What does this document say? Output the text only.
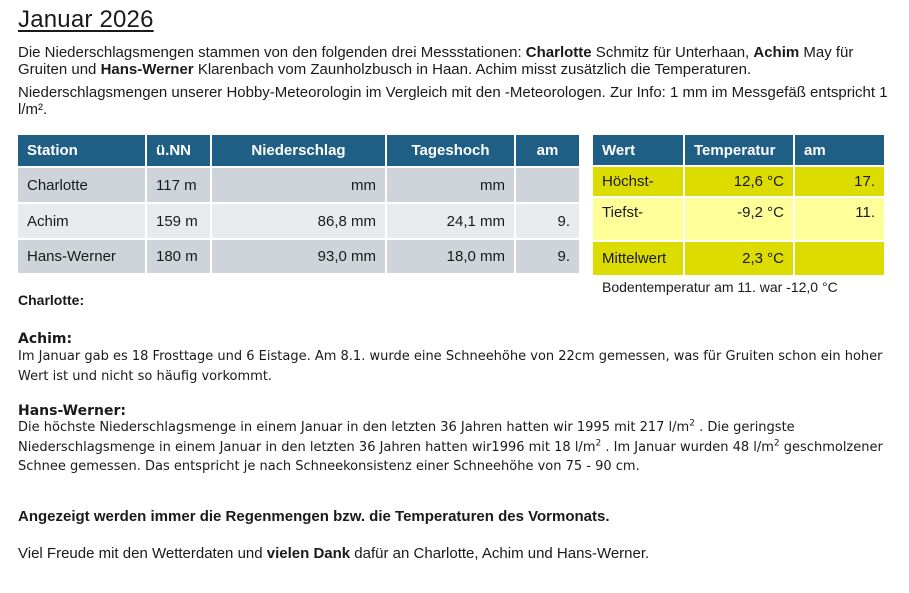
Januar 2026
Die Niederschlagsmengen stammen von den folgenden drei Messstationen: Charlotte Schmitz für Unterhaan, Achim May für Gruiten und Hans-Werner Klarenbach vom Zaunholzbusch in Haan. Achim misst zusätzlich die Temperaturen.
Niederschlagsmengen unserer Hobby-Meteorologin im Vergleich mit den -Meteorologen. Zur Info: 1 mm im Messgefäß entspricht 1 l/m².
Station	ü.NN	Niederschlag	Tageshoch	am
Charlotte	117 m	mm	mm	
Achim	159 m	86,8 mm	24,1 mm	9.
Hans-Werner	180 m	93,0 mm	18,0 mm	9.
Wert	Temperatur	am
Höchst-	12,6 °C	17.
Tiefst-	-9,2 °C	11.
Mittelwert	2,3 °C	
Bodentemperatur am 11. war -12,0 °C
Charlotte:
Achim:
Im Januar gab es 18 Frosttage und 6 Eistage. Am 8.1. wurde eine Schneehöhe von 22cm gemessen, was für Gruiten schon ein hoher Wert ist und nicht so häufig vorkommt.
Hans-Werner:
Die höchste Niederschlagsmenge in einem Januar in den letzten 36 Jahren hatten wir 1995 mit 217 $l/m^2$ . Die geringste Niederschlagsmenge in einem Januar in den letzten 36 Jahren hatten wir1996 mit 18 $l/m^2$ . Im Januar wurden 48 $l/m^2$ geschmolzener Schnee gemessen. Das entspricht je nach Schneekonsistenz einer Schneehöhe von 75 - 90 cm.
Angezeigt werden immer die Regenmengen bzw. die Temperaturen des Vormonats.
Viel Freude mit den Wetterdaten und vielen Dank dafür an Charlotte, Achim und Hans-Werner.
